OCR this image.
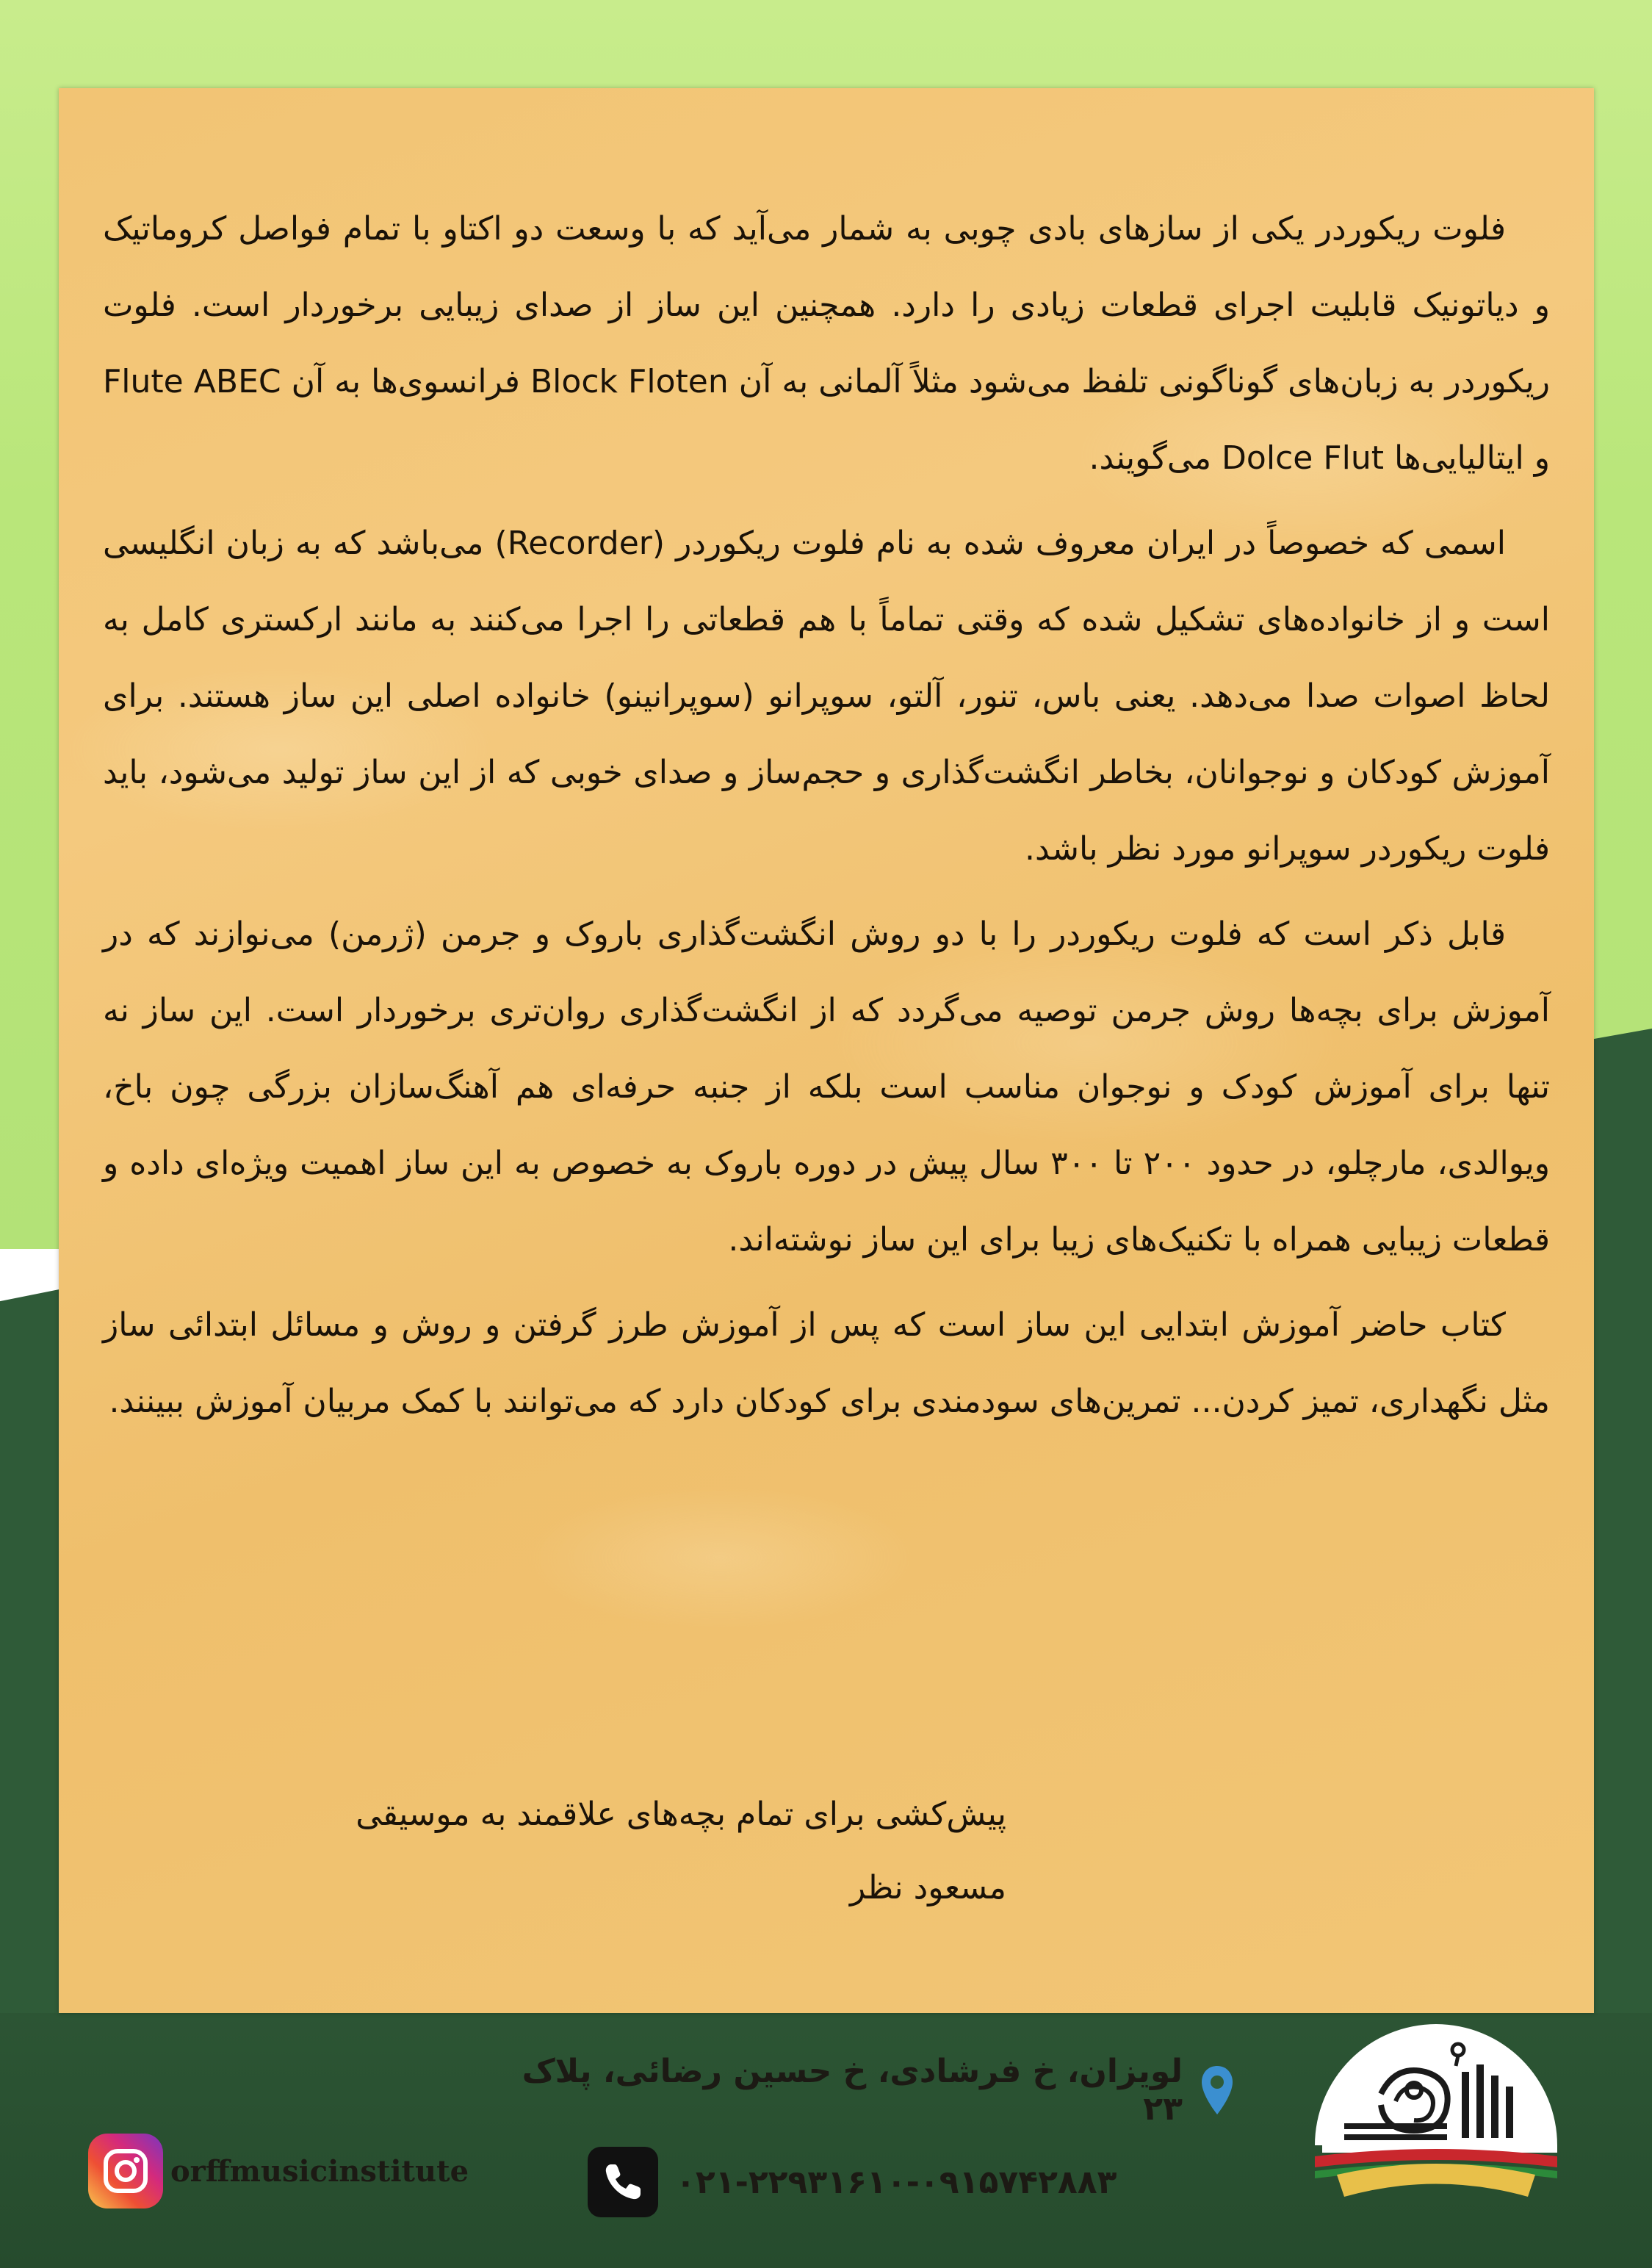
فلوت ریکوردر یکی از سازهای بادی چوبی به شمار می‌آید که با وسعت دو اکتاو با تمام فواصل کروماتیک و دیاتونیک قابلیت اجرای قطعات زیادی را دارد. همچنین این ساز از صدای زیبایی برخوردار است. فلوت ریکوردر به زبان‌های گوناگونی تلفظ می‌شود مثلاً آلمانی به آن Block Floten فرانسوی‌ها به آن Flute ABEC و ایتالیایی‌ها Dolce Flut می‌گویند.

اسمی که خصوصاً در ایران معروف شده به نام فلوت ریکوردر (Recorder) می‌باشد که به زبان انگلیسی است و از خانواده‌های تشکیل شده که وقتی تماماً با هم قطعاتی را اجرا می‌کنند به مانند ارکستری کامل به لحاظ اصوات صدا می‌دهد. یعنی باس، تنور، آلتو، سوپرانو (سوپرانینو) خانواده اصلی این ساز هستند. برای آموزش کودکان و نوجوانان، بخاطر انگشت‌گذاری و حجم‌ساز و صدای خوبی که از این ساز تولید می‌شود، باید فلوت ریکوردر سوپرانو مورد نظر باشد.

قابل ذکر است که فلوت ریکوردر را با دو روش انگشت‌گذاری باروک و جرمن (ژرمن) می‌نوازند که در آموزش برای بچه‌ها روش جرمن توصیه می‌گردد که از انگشت‌گذاری روان‌تری برخوردار است. این ساز نه تنها برای آموزش کودک و نوجوان مناسب است بلکه از جنبه حرفه‌ای هم آهنگ‌سازان بزرگی چون باخ، ویوالدی، مارچلو، در حدود ۲۰۰ تا ۳۰۰ سال پیش در دوره باروک به خصوص به این ساز اهمیت ویژه‌ای داده و قطعات زیبایی همراه با تکنیک‌های زیبا برای این ساز نوشته‌اند.

کتاب حاضر آموزش ابتدایی این ساز است که پس از آموزش طرز گرفتن و روش و مسائل ابتدائی ساز مثل نگهداری، تمیز کردن... تمرین‌های سودمندی برای کودکان دارد که می‌توانند با کمک مربیان آموزش ببینند.

پیش‌کشی برای تمام بچه‌های علاقمند به موسیقی
مسعود نظر
لویزان، خ فرشادی، خ حسین رضائی، پلاک ۲۳
۰۲۱-۲۲۹۳۱۶۱۰-۰۹۱۵۷۴۲۸۸۳
orffmusicinstitute
